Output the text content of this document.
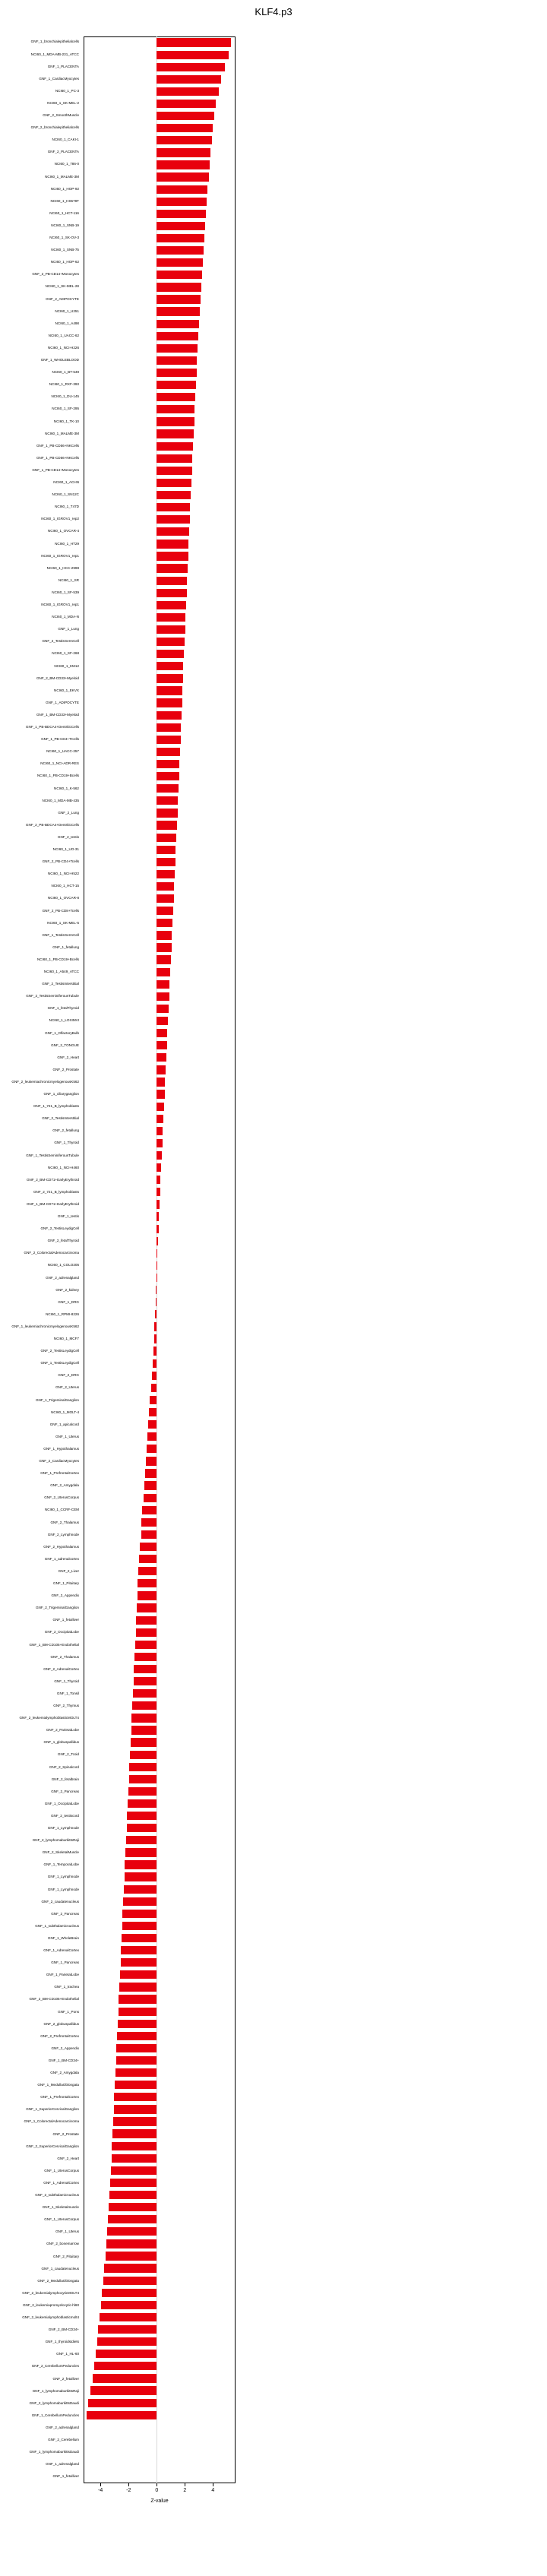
KLF4.p3
GNF_1_bronchialepithelialcells
NCI60_1_MDA-MB-231_ATCC
GNF_1_PLACENTA
GNF_1_CardiacMyocytes
NCI60_1_PC-3
NCI60_1_SK-MEL-2
GNF_2_SmoothMuscle
GNF_2_bronchialepithelialcells
NCI60_1_CAKI-1
GNF_2_PLACENTA
NCI60_1_786-0
NCI60_1_MALME-3M
NCI60_1_HOP-92
NCI60_1_HS578T
NCI60_1_HCT-116
NCI60_1_SNB-19
NCI60_1_SK-OV-3
NCI60_1_SNB-75
NCI60_1_HOP-62
GNF_2_PB-CD14+Monocytes
NCI60_1_SK-MEL-28
GNF_2_ADIPOCYTE
NCI60_1_U251
NCI60_1_A498
NCI60_1_UACC-62
NCI60_1_NCI-H226
GNF_1_WHOLEBLOOD
NCI60_1_BT-549
NCI60_1_RXF-393
NCI60_1_DU-145
NCI60_1_SF-295
NCI60_1_TK-10
NCI60_1_MALME-3M
GNF_1_PB-CD56+NKCells
GNF_1_PB-CD56+NKCells
GNF_1_PB-CD14+Monocytes
NCI60_1_ACHN
NCI60_1_SN12C
NCI60_1_T47D
NCI60_1_IGROV1_rep2
NCI60_1_OVCAR-4
NCI60_1_HT29
NCI60_1_IGROV1_rep1
NCI60_1_HCC-2998
NCI60_1_SR
NCI60_1_SF-539
NCI60_1_IGROV1_rep1
NCI60_1_MDA-N
GNF_1_Lung
GNF_2_TestisGermCell
NCI60_1_SF-268
NCI60_1_KM12
GNF_2_BM-CD33+Myeloid
NCI60_1_EKVX
GNF_1_ADIPOCYTE
GNF_1_BM-CD33+Myeloid
GNF_1_PB-BDCA4+DentriticCells
GNF_1_PB-CD4+TCells
NCI60_1_UACC-257
NCI60_1_NCI-ADR-RES
NCI60_1_PB-CD19+Bcells
NCI60_1_K-562
NCI60_1_MDA-MB-435
GNF_2_Lung
GNF_2_PB-BDCA4+DentriticCells
GNF_2_testis
NCI60_1_UO-31
GNF_2_PB-CD4+Tcells
NCI60_1_NCI-H522
NCI60_1_HCT-15
NCI60_1_OVCAR-8
GNF_2_PB-CD8+Tcells
NCI60_1_SK-MEL-5
GNF_1_TestisGermCell
GNF_1_fetallung
NCI60_1_PB-CD19+Bcells
NCI60_1_A549_ATCC
GNF_2_TestisInterstitial
GNF_2_TestisSeminiferousTubule
GNF_1_fetalThyroid
NCI60_1_LOXIMVI
GNF_1_OlfactoryBulb
GNF_2_TONGUE
GNF_2_Heart
GNF_2_Prostate
GNF_2_leukemiachronicmyelogenousK562
GNF_1_ciliaryganglion
GNF_1_721_B_lymphoblasts
GNF_2_TestisInterstitial
GNF_2_fetallung
GNF_1_Thyroid
GNF_1_TestisSeminiferousTubule
NCI60_1_NCI-H460
GNF_2_BM-CD71+EarlyErythroid
GNF_2_721_B_lymphoblasts
GNF_1_BM-CD71+EarlyErythroid
GNF_1_testis
GNF_2_TestisLeydigCell
GNF_2_fetalThyroid
GNF_2_ColorectalAdenocarcinoma
NCI60_1_COLO205
GNF_2_adrenalgland
GNF_2_kidney
GNF_1_DRG
NCI60_1_RPMI-8226
GNF_1_leukemiachronicmyelogenousK562
NCI60_1_MCF7
GNF_2_TestisLeydigCell
GNF_1_TestisLeydigCell
GNF_2_DRG
GNF_2_Uterus
GNF_1_TrigeminalGanglion
NCI60_1_MOLT-4
GNF_1_apicalcord
GNF_1_Uterus
GNF_1_Hypothalamus
GNF_2_CardiacMyocytes
GNF_1_PrefrontalCortex
GNF_2_Amygdala
GNF_2_UterusCorpus
NCI60_1_CCRF-CEM
GNF_2_Thalamus
GNF_2_Lymphnode
GNF_2_Hypothalamus
GNF_1_adrenalcortex
GNF_2_Liver
GNF_1_Pituitary
GNF_2_Appendix
GNF_2_TrigeminalGanglion
GNF_1_fetalliver
GNF_2_OccipitalLobe
GNF_1_BM-CD105+Endothelial
GNF_2_Thalamus
GNF_2_AdrenalCortex
GNF_1_Thyroid
GNF_1_Tonsil
GNF_2_Thymus
GNF_2_leukemialymphoblasticMOLT4
GNF_2_ParietalLobe
GNF_1_globuspallidus
GNF_2_Tcoid
GNF_2_Spinalcord
GNF_2_fetalbrain
GNF_2_Pancreas
GNF_1_OccipitalLobe
GNF_2_testiscord
GNF_1_Lymphnode
GNF_2_lymphomaburkittsRaji
GNF_2_SkeletalMuscle
GNF_1_TemporalLobe
GNF_1_Lymphnode
GNF_1_Lymphnode
GNF_2_caudatenucleus
GNF_2_Pancreas
GNF_1_subthalamicnucleus
GNF_1_WholeBrain
GNF_1_AdrenalCortex
GNF_1_Pancreas
GNF_1_ParietalLobe
GNF_1_trachea
GNF_2_BM-CD105+Endothelial
GNF_1_Pons
GNF_2_globuspallidus
GNF_2_PrefrontalCortex
GNF_2_Appendix
GNF_1_BM-CD34+
GNF_2_Amygdala
GNF_1_MedullaOblongata
GNF_1_PrefrontalCortex
GNF_1_SuperiorCervicalGanglion
GNF_1_ColorectalAdenocarcinoma
GNF_2_Prostate
GNF_2_SuperiorCervicalGanglion
GNF_2_Heart
GNF_1_UterusCorpus
GNF_1_AdrenalCortex
GNF_2_subthalamicnucleus
GNF_1_Skeletalmuscle
GNF_1_UterusCorpus
GNF_1_Uterus
GNF_2_bonemarrow
GNF_2_Pituitary
GNF_1_caudatenucleus
GNF_2_MedullaOblongata
GNF_2_leukemialymphocyticMOLT4
GNF_2_leukemiapromyelocytic-hl60
GNF_2_leukemialymphoblasticmolt4
GNF_2_BM-CD34+
GNF_1_thyroidstdiets
GNF_1_HL-60
GNF_2_CerebellumPeduncles
GNF_2_fetalliver
GNF_1_lymphomaburkittsRaji
GNF_2_lymphomaburkittsDaudi
GNF_1_CerebellumPeduncles
GNF_2_adrenalgland
GNF_2_Cerebellum
GNF_1_lymphomaburkittsDaudi
GNF_1_adrenalgland
GNF_1_fetalliver
Z-value
-4	-2	0	2	4
